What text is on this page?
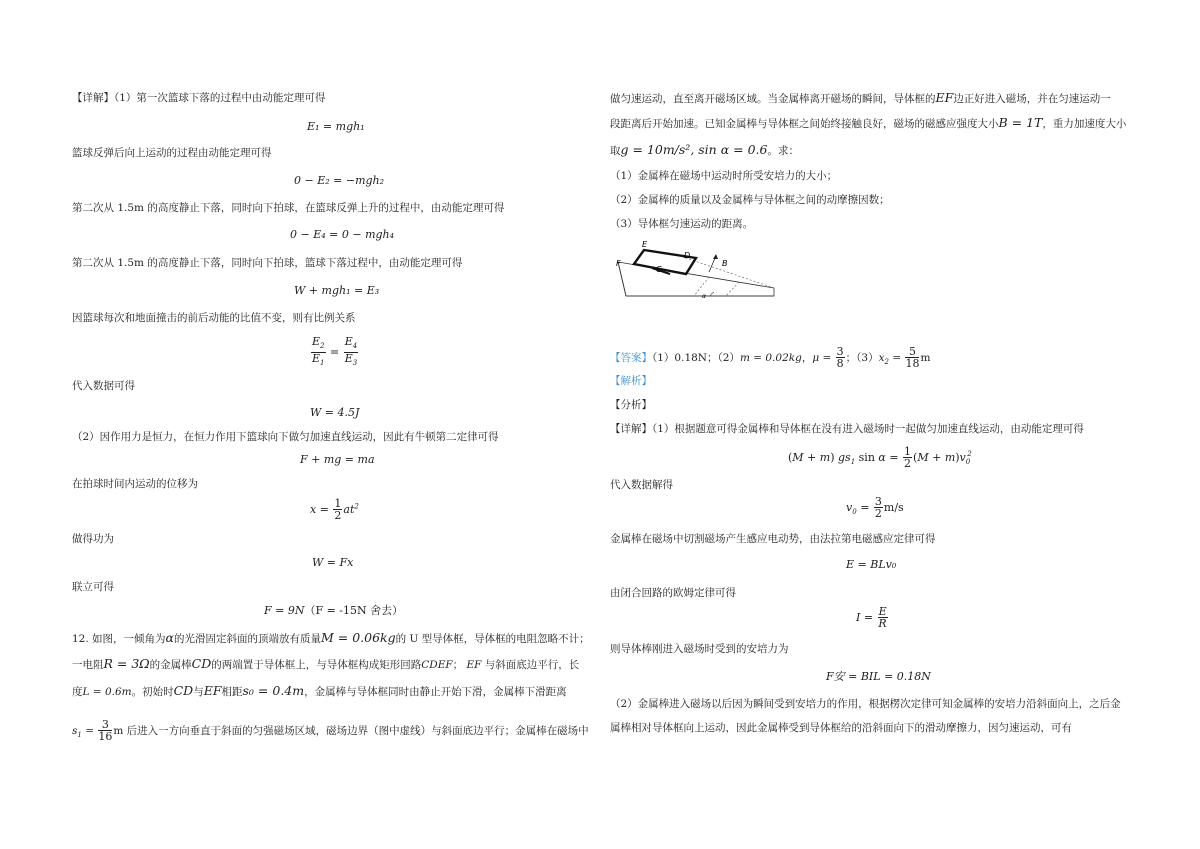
【详解】（1）第一次篮球下落的过程中由动能定理可得
E₁ = mgh₁
篮球反弹后向上运动的过程由动能定理可得
0 − E₂ = −mgh₂
第二次从 1.5m 的高度静止下落，同时向下拍球，在篮球反弹上升的过程中，由动能定理可得
0 − E₄ = 0 − mgh₄
第二次从 1.5m 的高度静止下落，同时向下拍球，篮球下落过程中，由动能定理可得
W + mgh₁ = E₃
因篮球每次和地面撞击的前后动能的比值不变，则有比例关系
$\frac{E_2}{E_1} = \frac{E_4}{E_3}$
代入数据可得
W = 4.5J
（2）因作用力是恒力，在恒力作用下篮球向下做匀加速直线运动，因此有牛顿第二定律可得
F + mg = ma
在拍球时间内运动的位移为
$x = \frac{1}{2} at^2$
做得功为
W = Fx
联立可得
F = 9N（F = -15N 舍去）
12. 如图，一倾角为α的光滑固定斜面的顶端放有质量M = 0.06kg的 U 型导体框，导体框的电阻忽略不计；
一电阻R = 3Ω的金属棒CD的两端置于导体框上，与导体框构成矩形回路CDEF； EF 与斜面底边平行，长
度L = 0.6m。初始时CD与EF相距s₀ = 0.4m，金属棒与导体框同时由静止开始下滑，金属棒下滑距离
$s_1 = \frac{3}{16}$ m 后进入一方向垂直于斜面的匀强磁场区域，磁场边界（图中虚线）与斜面底边平行；金属棒在磁场中
做匀速运动，直至离开磁场区域。当金属棒离开磁场的瞬间，导体框的EF边正好进入磁场，并在匀速运动一
段距离后开始加速。已知金属棒与导体框之间始终接触良好，磁场的磁感应强度大小B = 1T，重力加速度大小
取g = 10m/s², sin α = 0.6。求：
（1）金属棒在磁场中运动时所受安培力的大小；
（2）金属棒的质量以及金属棒与导体框之间的动摩擦因数；
（3）导体框匀速运动的距离。
E
D
F
C
B
α
【答案】（1）0.18N；（2）m = 0.02kg，$\mu = \frac{3}{8}$ ；$(3)x_2 = \frac{5}{18}$ m
【解析】
【分析】
【详解】（1）根据题意可得金属棒和导体框在没有进入磁场时一起做匀加速直线运动，由动能定理可得
(M + m) $gs_1$ $\sin \alpha = \frac{1}{2} (M + m)v_0^2$
代入数据解得
$v_0 = \frac{3}{2} m/s$
金属棒在磁场中切割磁场产生感应电动势，由法拉第电磁感应定律可得
E = BLv₀
由闭合回路的欧姆定律可得
$I = \frac{E}{R}$
则导体棒刚进入磁场时受到的安培力为
F安 = BIL = 0.18N
（2）金属棒进入磁场以后因为瞬间受到安培力的作用，根据楞次定律可知金属棒的安培力沿斜面向上，之后金
属棒相对导体框向上运动，因此金属棒受到导体框给的沿斜面向下的滑动摩擦力，因匀速运动，可有
